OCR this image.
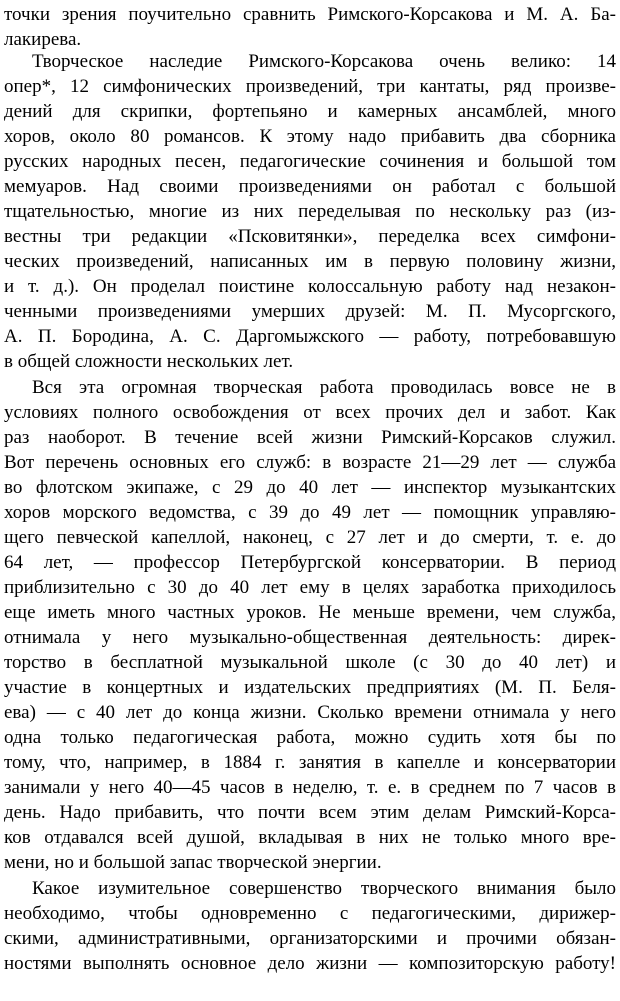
точки зрения поучительно сравнить Римского-Корсакова и М. А. Ба-

лакирева.

Творческое наследие Римского-Корсакова очень велико: 14

опер*, 12 симфонических произведений, три кантаты, ряд произве-

дений для скрипки, фортепьяно и камерных ансамблей, много

хоров, около 80 романсов. К этому надо прибавить два сборника

русских народных песен, педагогические сочинения и большой том

мемуаров. Над своими произведениями он работал с большой

тщательностью, многие из них переделывая по нескольку раз (из-

вестны три редакции «Псковитянки», переделка всех симфони-

ческих произведений, написанных им в первую половину жизни,

и т. д.). Он проделал поистине колоссальную работу над незакон-

ченными произведениями умерших друзей: М. П. Мусоргского,

А. П. Бородина, А. С. Даргомыжского — работу, потребовавшую

в общей сложности нескольких лет.

Вся эта огромная творческая работа проводилась вовсе не в

условиях полного освобождения от всех прочих дел и забот. Как

раз наоборот. В течение всей жизни Римский-Корсаков служил.

Вот перечень основных его служб: в возрасте 21—29 лет — служба

во флотском экипаже, с 29 до 40 лет — инспектор музыкантских

хоров морского ведомства, с 39 до 49 лет — помощник управляю-

щего певческой капеллой, наконец, с 27 лет и до смерти, т. е. до

64 лет, — профессор Петербургской консерватории. В период

приблизительно с 30 до 40 лет ему в целях заработка приходилось

еще иметь много частных уроков. Не меньше времени, чем служба,

отнимала у него музыкально-общественная деятельность: дирек-

торство в бесплатной музыкальной школе (с 30 до 40 лет) и

участие в концертных и издательских предприятиях (М. П. Беля-

ева) — с 40 лет до конца жизни. Сколько времени отнимала у него

одна только педагогическая работа, можно судить хотя бы по

тому, что, например, в 1884 г. занятия в капелле и консерватории

занимали у него 40—45 часов в неделю, т. е. в среднем по 7 часов в

день. Надо прибавить, что почти всем этим делам Римский-Корса-

ков отдавался всей душой, вкладывая в них не только много вре-

мени, но и большой запас творческой энергии.

Какое изумительное совершенство творческого внимания было

необходимо, чтобы одновременно с педагогическими, дирижер-

скими, административными, организаторскими и прочими обязан-

ностями выполнять основное дело жизни — композиторскую работу!
